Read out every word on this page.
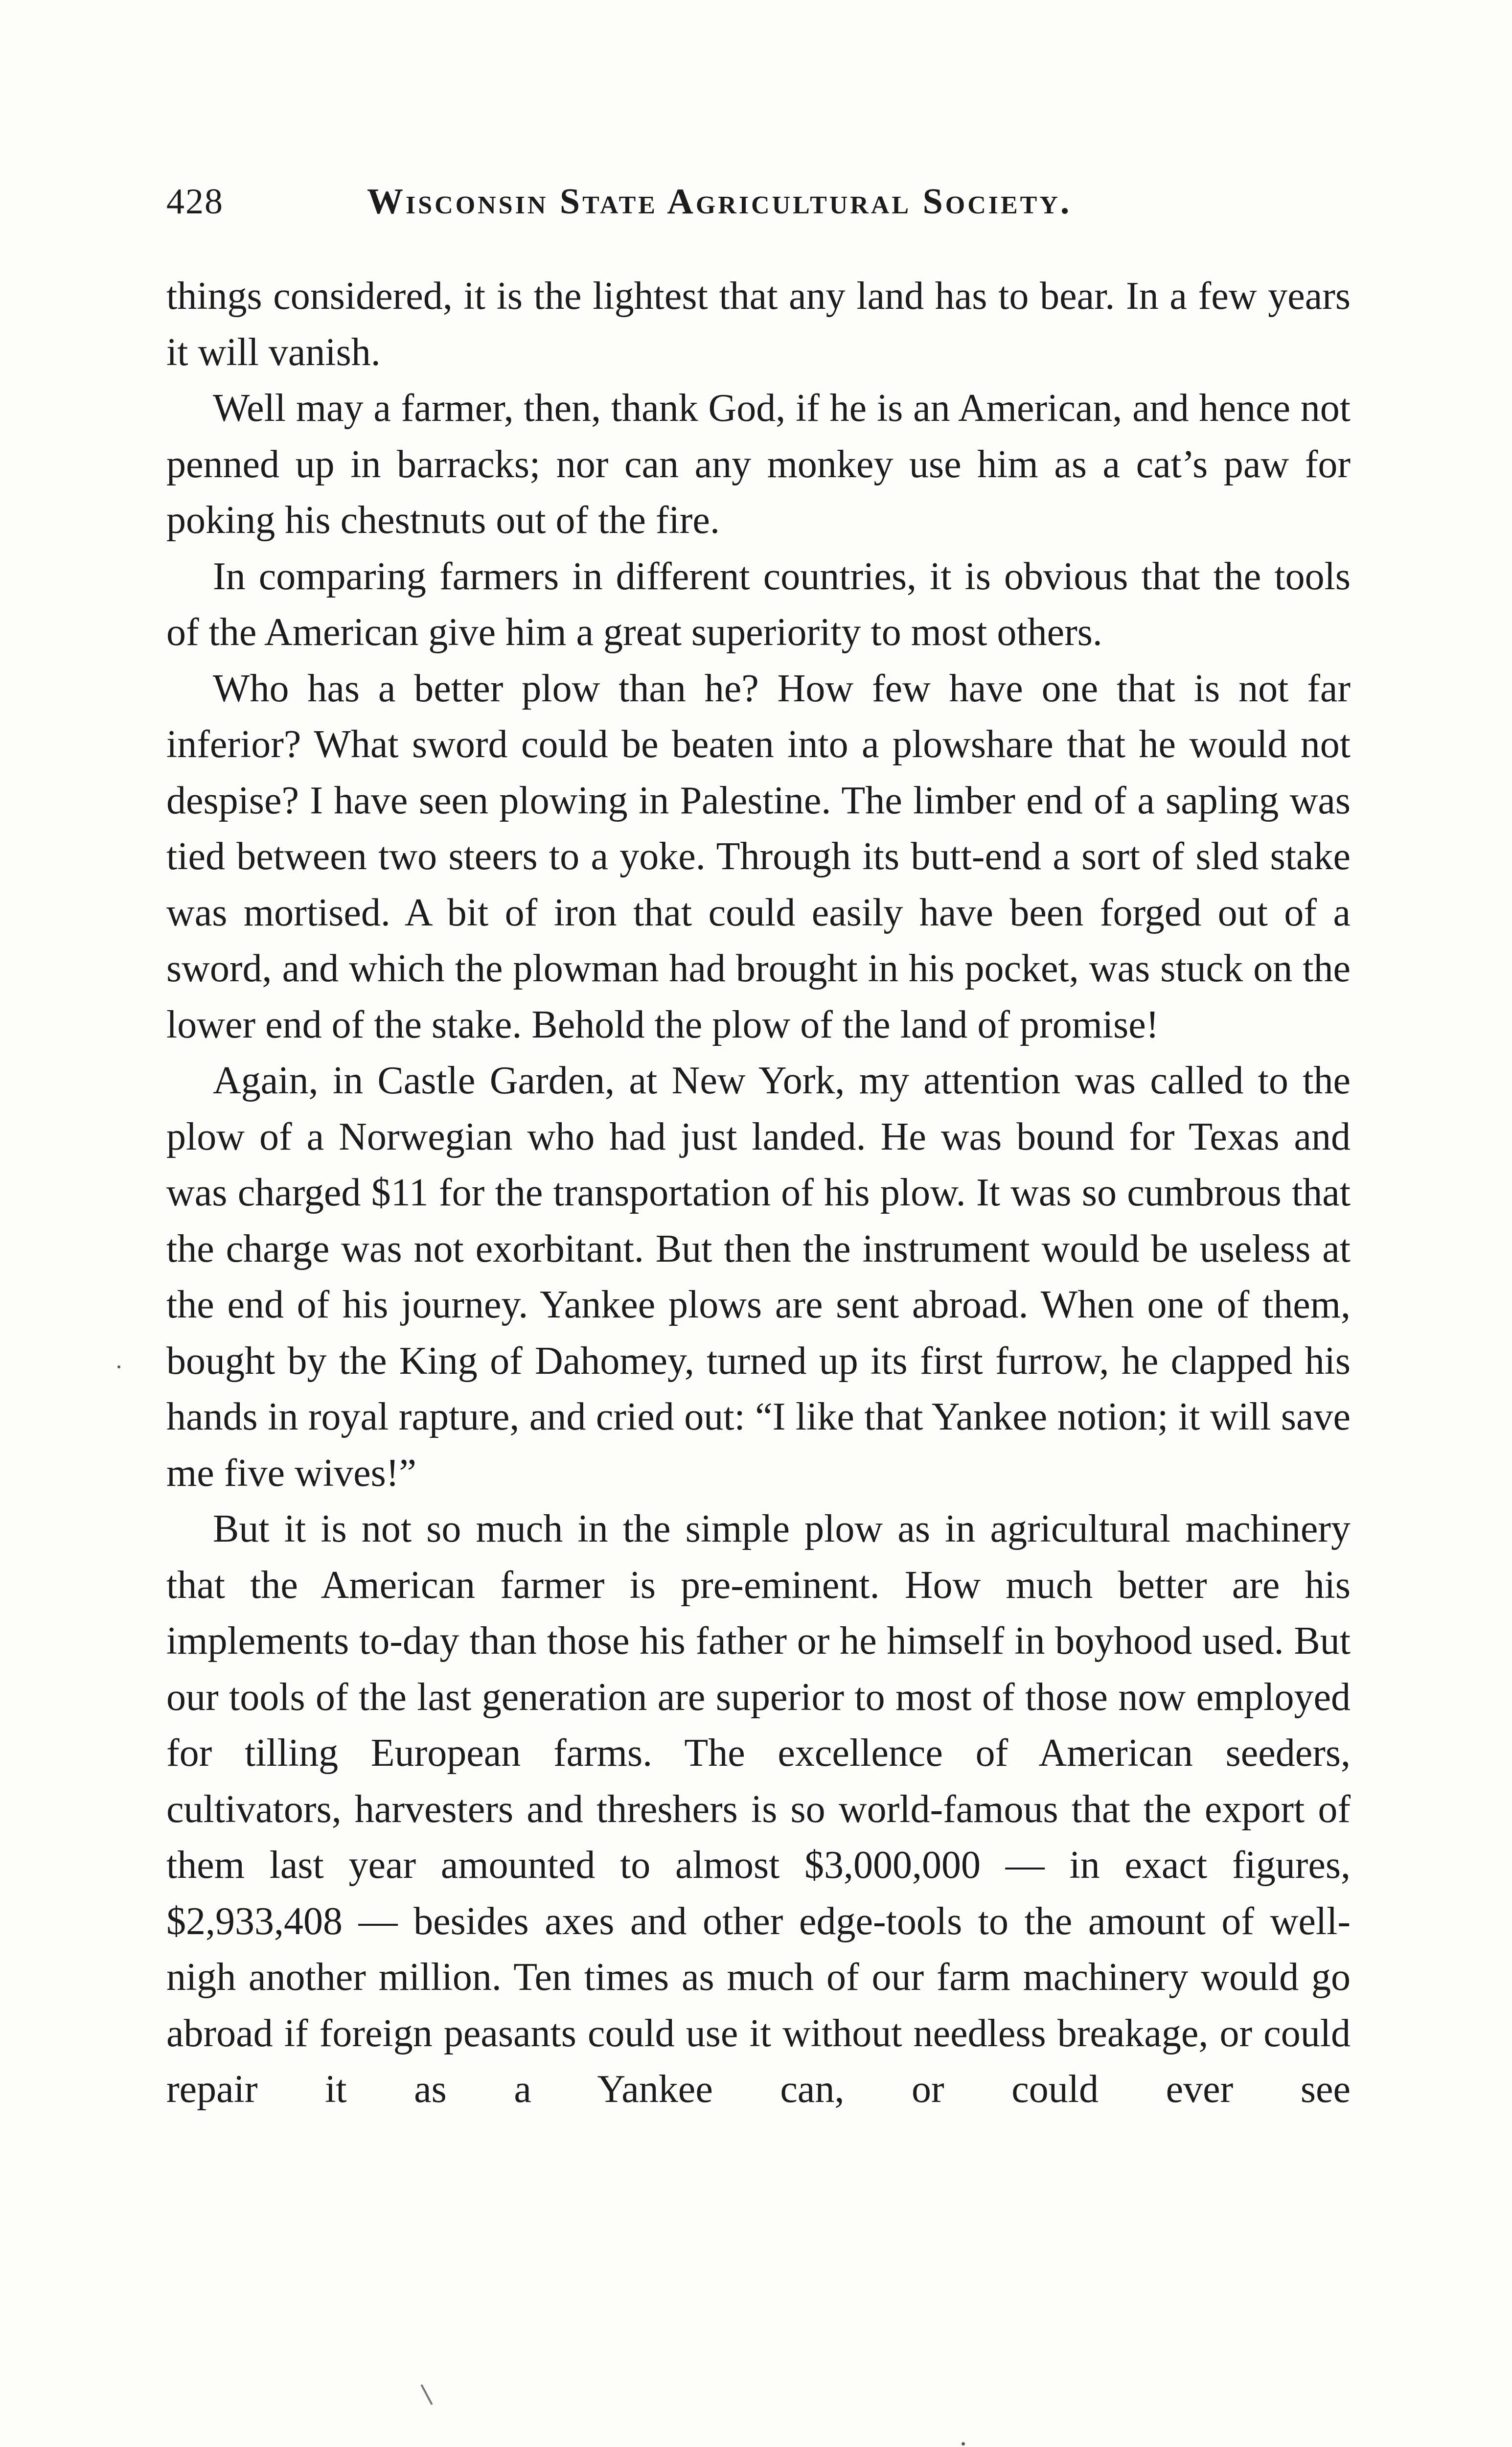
428	Wisconsin State Agricultural Society.

things considered, it is the lightest that any land has to bear. In a few years it will vanish.

Well may a farmer, then, thank God, if he is an American, and hence not penned up in barracks; nor can any monkey use him as a cat’s paw for poking his chestnuts out of the fire.

In comparing farmers in different countries, it is obvious that the tools of the American give him a great superiority to most others.

Who has a better plow than he? How few have one that is not far inferior? What sword could be beaten into a plowshare that he would not despise? I have seen plowing in Palestine. The limber end of a sapling was tied between two steers to a yoke. Through its butt-end a sort of sled stake was mortised. A bit of iron that could easily have been forged out of a sword, and which the plowman had brought in his pocket, was stuck on the lower end of the stake. Behold the plow of the land of promise!

Again, in Castle Garden, at New York, my attention was called to the plow of a Norwegian who had just landed. He was bound for Texas and was charged $11 for the transportation of his plow. It was so cumbrous that the charge was not exorbitant. But then the instrument would be useless at the end of his journey. Yankee plows are sent abroad. When one of them, bought by the King of Dahomey, turned up its first furrow, he clapped his hands in royal rapture, and cried out: “I like that Yankee notion; it will save me five wives!”

But it is not so much in the simple plow as in agricultural machinery that the American farmer is pre-eminent. How much better are his implements to-day than those his father or he himself in boyhood used. But our tools of the last generation are superior to most of those now employed for tilling European farms. The excellence of American seeders, cultivators, harvesters and threshers is so world-famous that the export of them last year amounted to almost $3,000,000 — in exact figures, $2,933,408 — besides axes and other edge-tools to the amount of well-nigh another million. Ten times as much of our farm machinery would go abroad if foreign peasants could use it without needless breakage, or could repair it as a Yankee can, or could ever see
